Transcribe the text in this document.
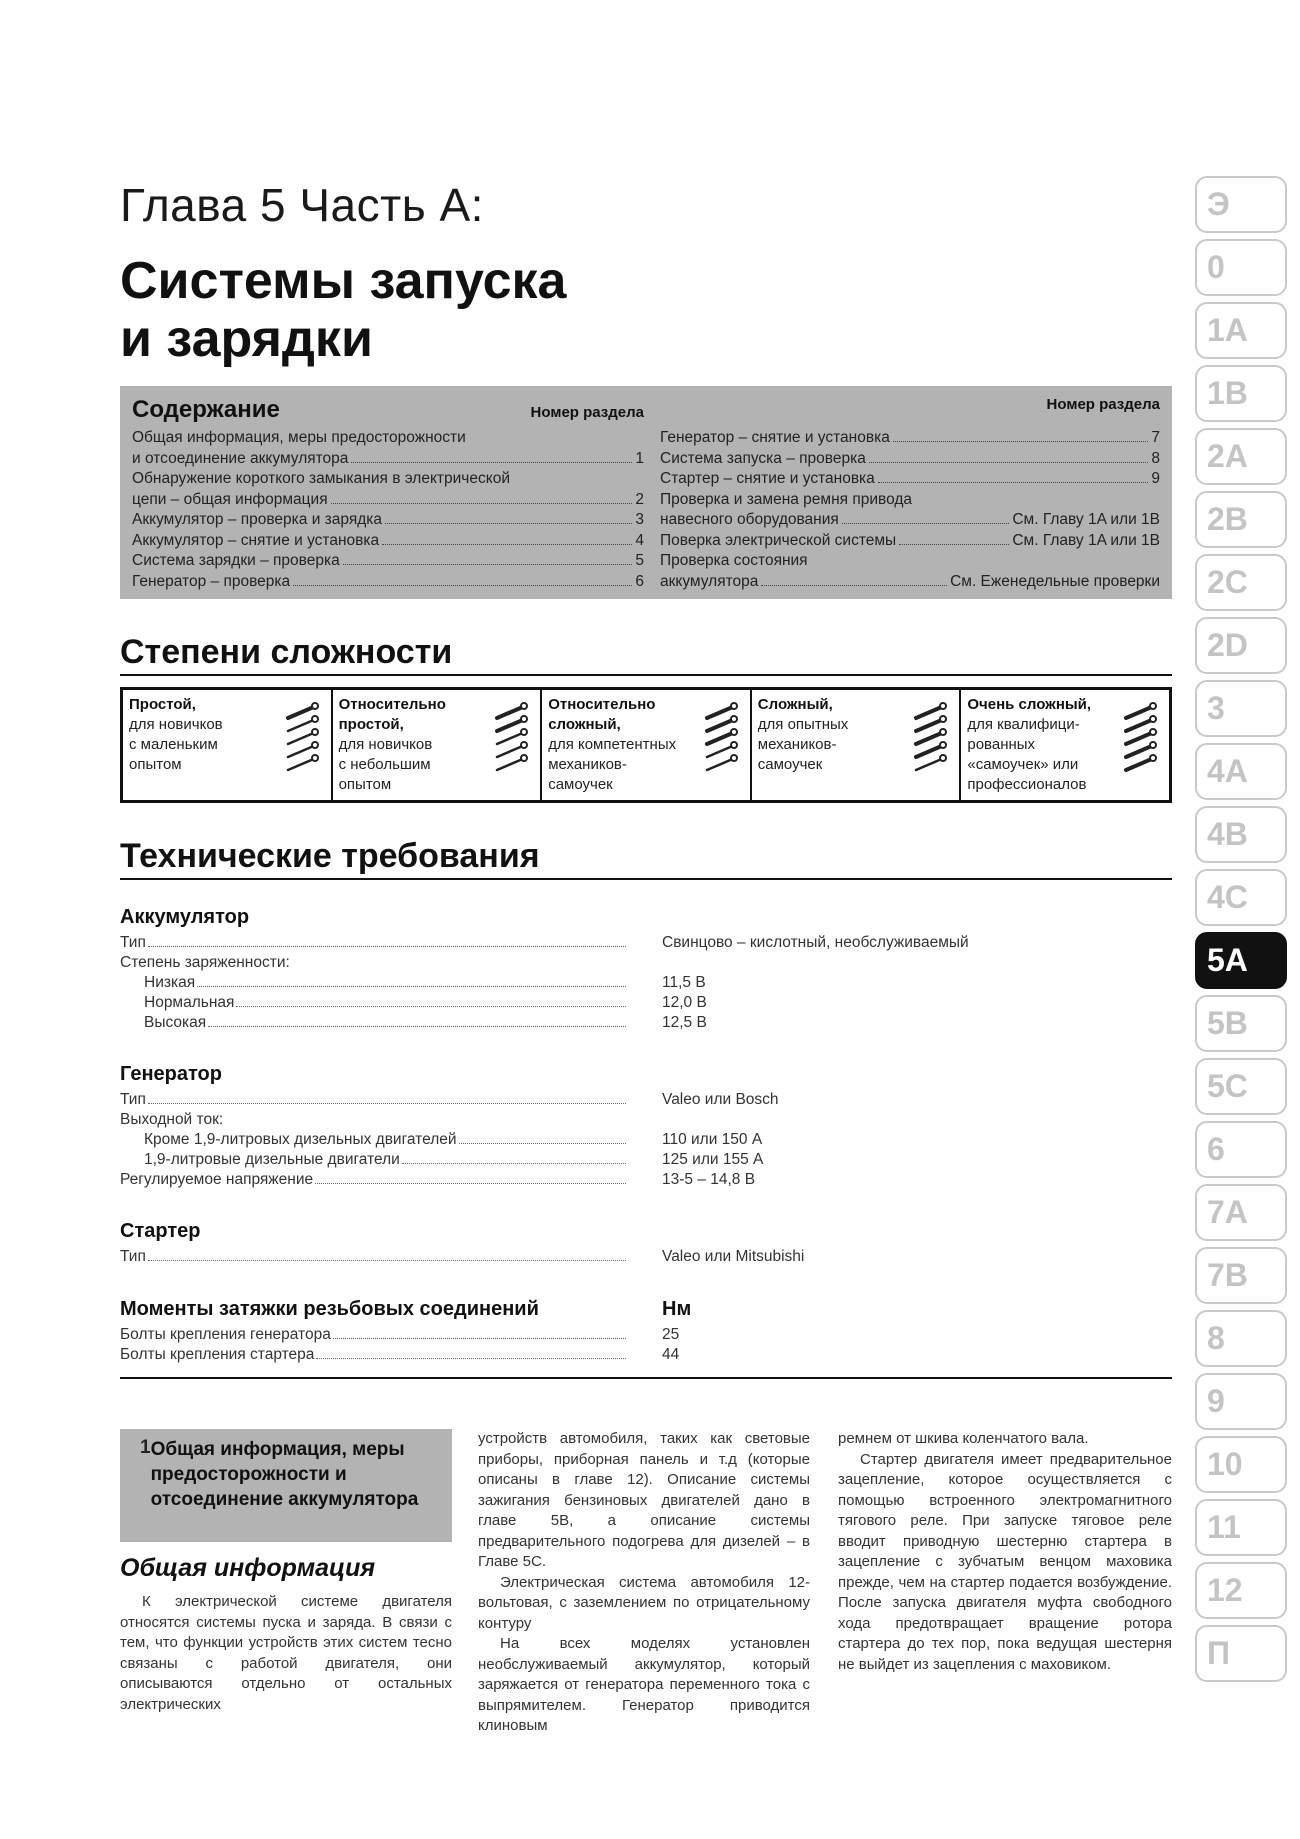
Глава 5 Часть A:
Системы запуска
и зарядки
Содержание	Номер раздела
Общая информация, меры предосторожности
и отсоединение аккумулятора	1
Обнаружение короткого замыкания в электрической
цепи – общая информация	2
Аккумулятор – проверка и зарядка	3
Аккумулятор – снятие и установка	4
Система зарядки – проверка	5
Генератор – проверка	6
Номер раздела
Генератор – снятие и установка	7
Система запуска – проверка	8
Стартер – снятие и установка	9
Проверка и замена ремня привода
навесного оборудования	См. Главу 1A или 1B
Поверка электрической системы	См. Главу 1A или 1B
Проверка состояния
аккумулятора	См. Еженедельные проверки
Степени сложности
Простой,
для новичков
с маленьким
опытом
Относительно простой,
для новичков
с небольшим
опытом
Относительно сложный,
для компетентных
механиков-
самоучек
Сложный,
для опытных
механиков-
самоучек
Очень сложный,
для квалифици-
рованных
«самоучек» или
профессионалов
Технические требования
Аккумулятор
Тип	Свинцово – кислотный, необслуживаемый
Степень заряженности:
Низкая	11,5 В
Нормальная	12,0 В
Высокая	12,5 В
Генератор
Тип	Valeo или Bosch
Выходной ток:
Кроме 1,9-литровых дизельных двигателей	110 или 150 А
1,9-литровые дизельные двигатели	125 или 155 А
Регулируемое напряжение	13-5 – 14,8 В
Стартер
Тип	Valeo или Mitsubishi
Моменты затяжки резьбовых соединений	Нм
Болты крепления генератора	25
Болты крепления стартера	44
1 Общая информация, меры предосторожности и отсоединение аккумулятора
Общая информация

К электрической системе двигателя относятся системы пуска и заряда. В связи с тем, что функции устройств этих систем тесно связаны с работой двигателя, они описываются отдельно от остальных электрических

устройств автомобиля, таких как световые приборы, приборная панель и т.д (которые описаны в главе 12). Описание системы зажигания бензиновых двигателей дано в главе 5B, а описание системы предварительного подогрева для дизелей – в Главе 5C.

Электрическая система автомобиля 12-вольтовая, с заземлением по отрицательному контуру

На всех моделях установлен необслуживаемый аккумулятор, который заряжается от генератора переменного тока с выпрямителем. Генератор приводится клиновым

ремнем от шкива коленчатого вала.

Стартер двигателя имеет предварительное зацепление, которое осуществляется с помощью встроенного электромагнитного тягового реле. При запуске тяговое реле вводит приводную шестерню стартера в зацепление с зубчатым венцом маховика прежде, чем на стартер подается возбуждение. После запуска двигателя муфта свободного хода предотвращает вращение ротора стартера до тех пор, пока ведущая шестерня не выйдет из зацепления с маховиком.

Э
0
1A
1B
2A
2B
2C
2D
3
4A
4B
4C
5A
5B
5C
6
7A
7B
8
9
10
11
12
П
